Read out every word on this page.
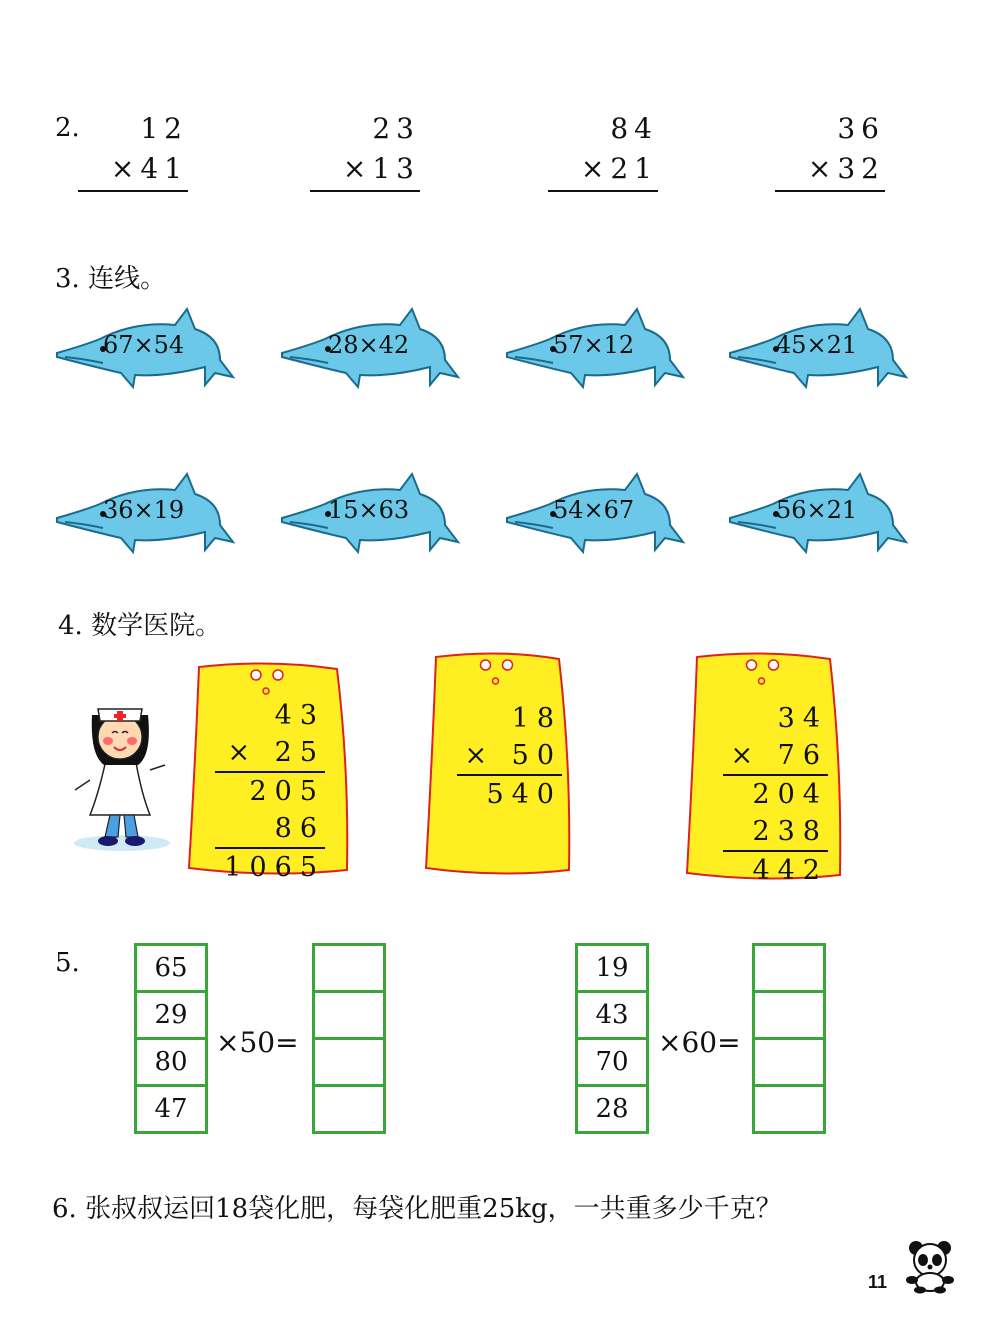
2.	12
×41
23
×13
84
×21
36
×32
3. 连线。
67×54	28×42	57×12	45×21
36×19	15×63	54×67	56×21
4. 数学医院。
43
× 25
205
86
1065
18
× 50
540
34
× 76
204
238
442
5.	65
29
80
47
×50=
19
43
70
28
×60=
6. 张叔叔运回18袋化肥，每袋化肥重25kg，一共重多少千克？
11
